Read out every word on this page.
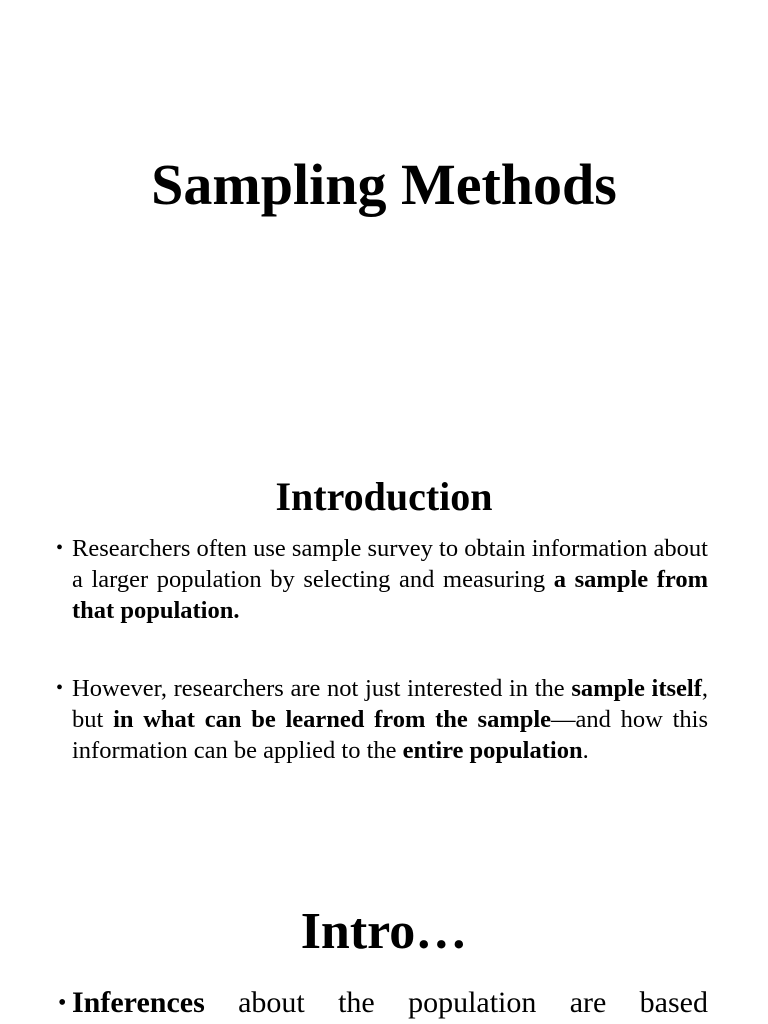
Sampling Methods
Introduction

• Researchers often use sample survey to obtain information about a larger population by selecting and measuring a sample from that population.

• However, researchers are not just interested in the sample itself, but in what can be learned from the sample—and how this information can be applied to the entire population.

Intro…

• Inferences about the population are based
